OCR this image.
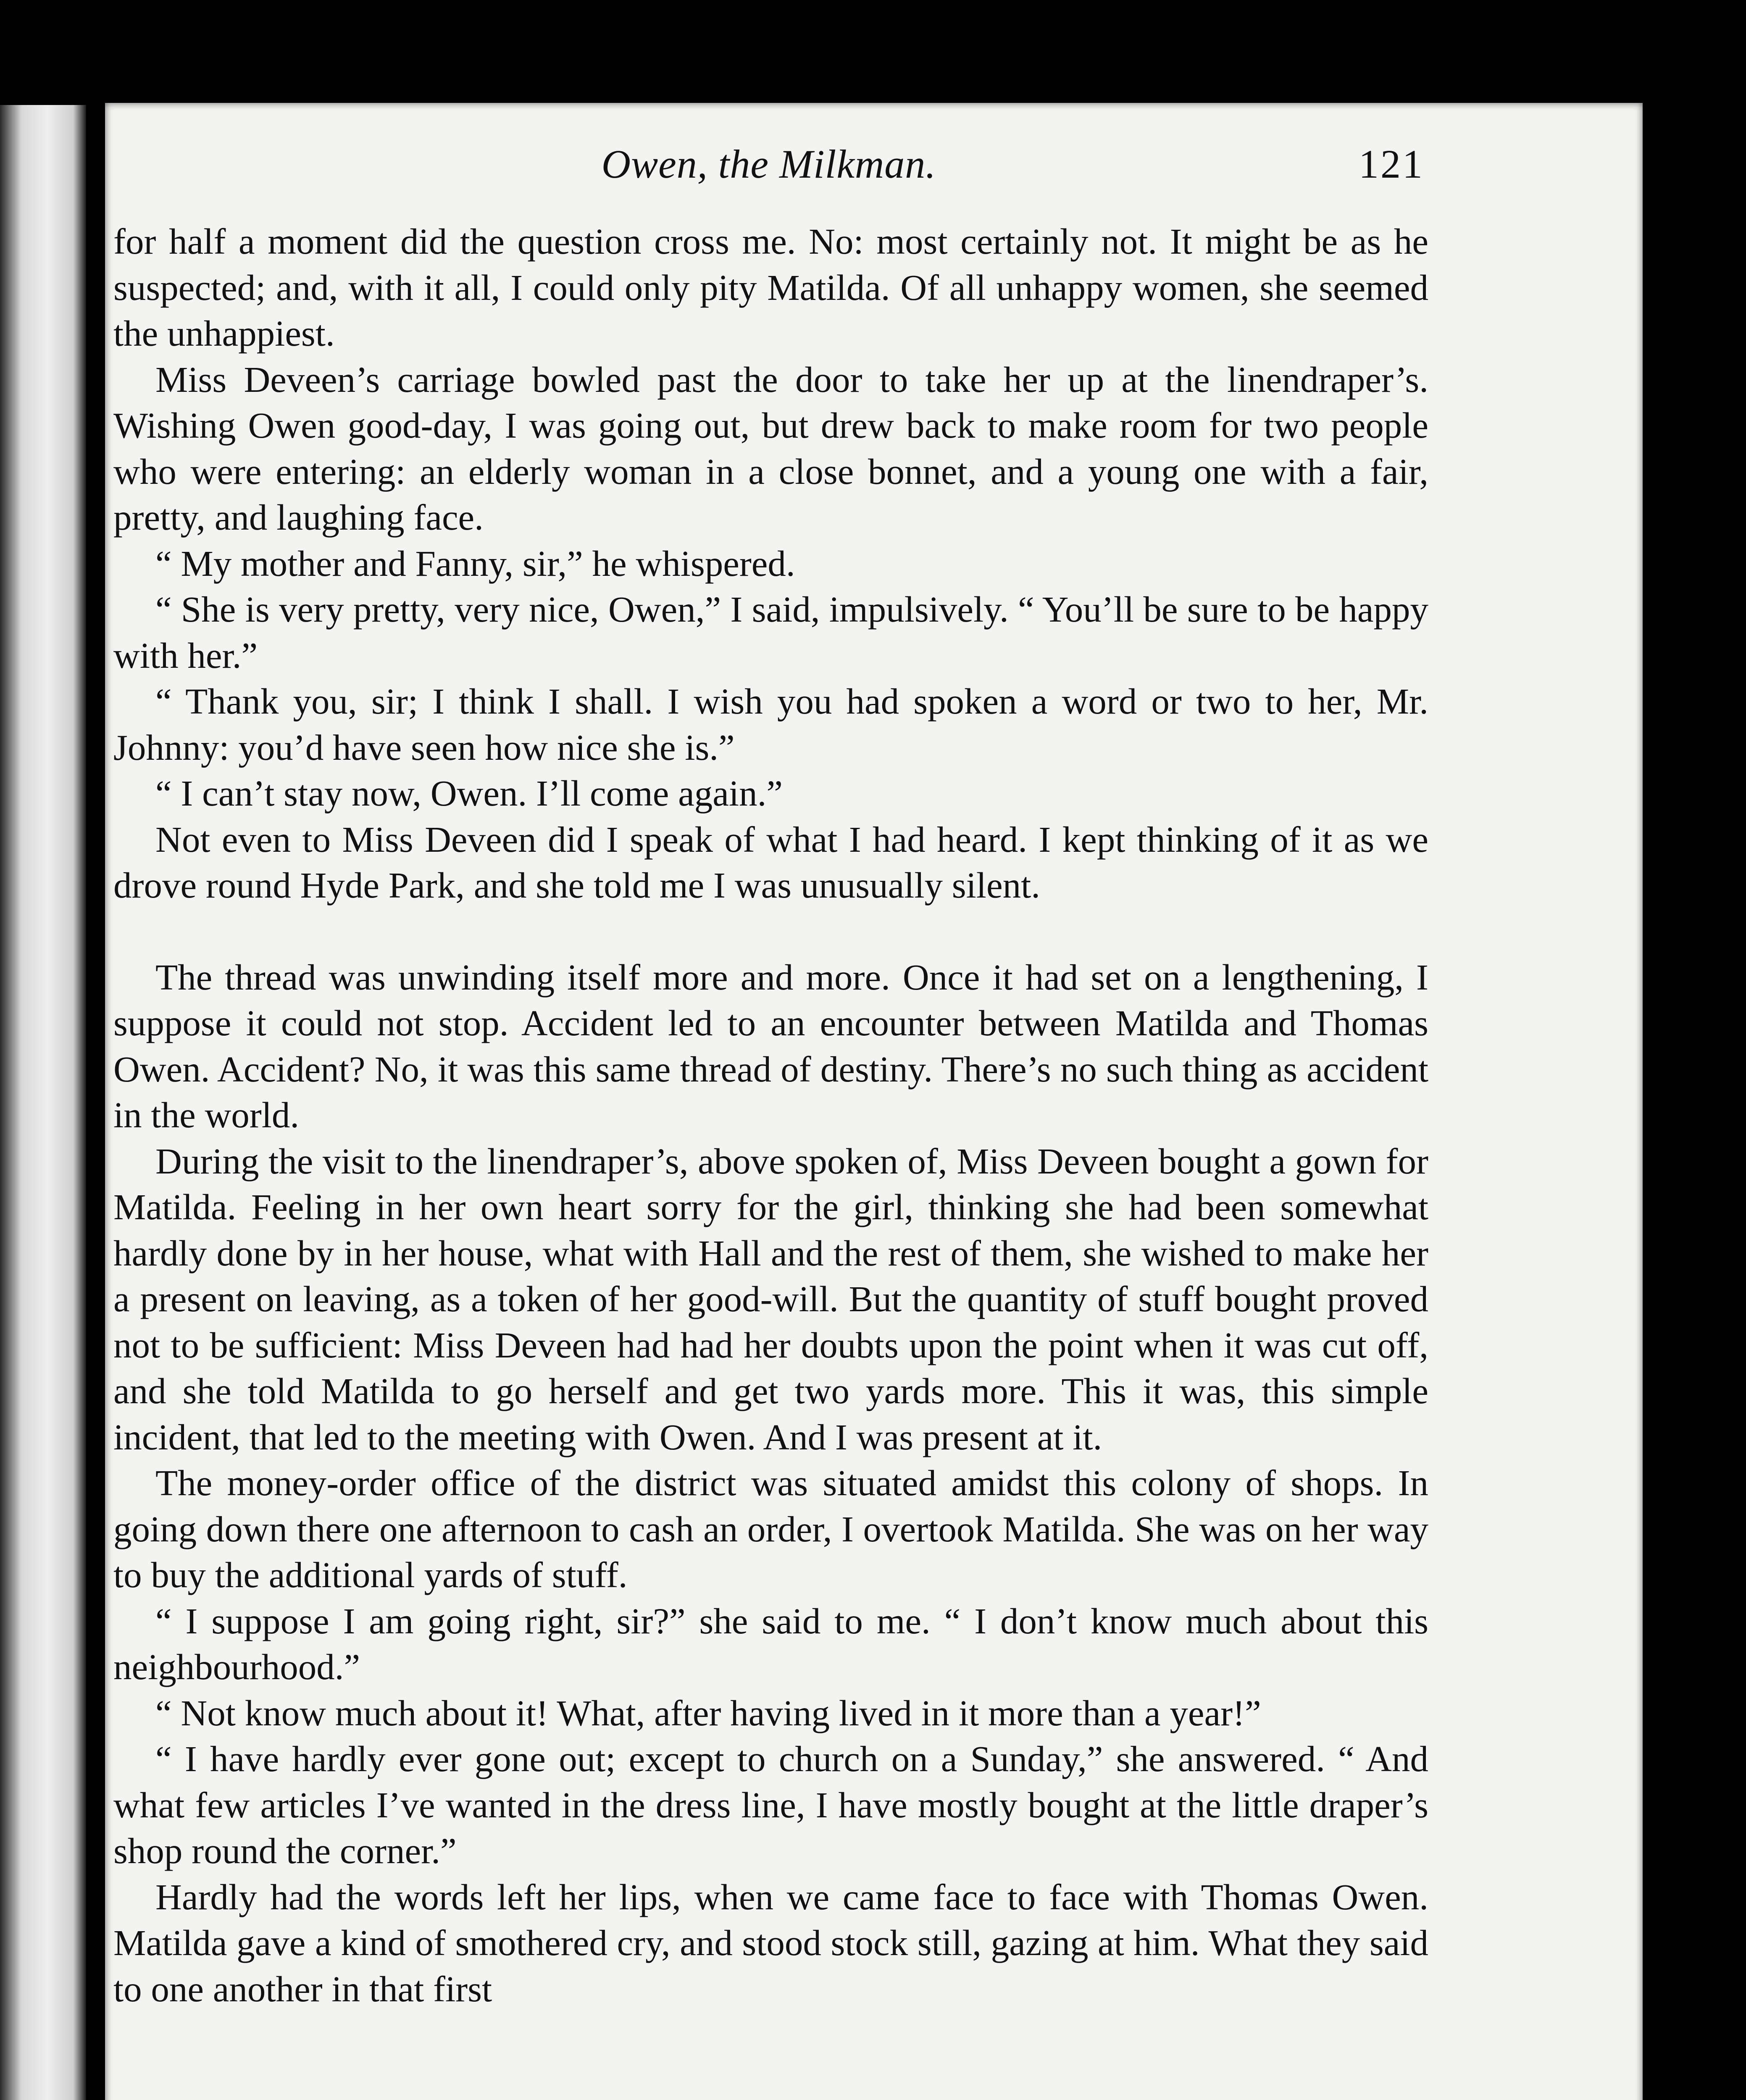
Owen, the Milkman.	121

for half a moment did the question cross me. No: most certainly not. It might be as he suspected; and, with it all, I could only pity Matilda. Of all unhappy women, she seemed the unhappiest.

Miss Deveen’s carriage bowled past the door to take her up at the linendraper’s. Wishing Owen good-day, I was going out, but drew back to make room for two people who were entering: an elderly woman in a close bonnet, and a young one with a fair, pretty, and laughing face.

“ My mother and Fanny, sir,” he whispered.

“ She is very pretty, very nice, Owen,” I said, impulsively. “ You’ll be sure to be happy with her.”

“ Thank you, sir; I think I shall. I wish you had spoken a word or two to her, Mr. Johnny: you’d have seen how nice she is.”

“ I can’t stay now, Owen. I’ll come again.”

Not even to Miss Deveen did I speak of what I had heard. I kept thinking of it as we drove round Hyde Park, and she told me I was unusually silent.

The thread was unwinding itself more and more. Once it had set on a lengthening, I suppose it could not stop. Accident led to an encounter between Matilda and Thomas Owen. Accident? No, it was this same thread of destiny. There’s no such thing as accident in the world.

During the visit to the linendraper’s, above spoken of, Miss Deveen bought a gown for Matilda. Feeling in her own heart sorry for the girl, thinking she had been somewhat hardly done by in her house, what with Hall and the rest of them, she wished to make her a present on leaving, as a token of her good-will. But the quantity of stuff bought proved not to be sufficient: Miss Deveen had had her doubts upon the point when it was cut off, and she told Matilda to go herself and get two yards more. This it was, this simple incident, that led to the meeting with Owen. And I was present at it.

The money-order office of the district was situated amidst this colony of shops. In going down there one afternoon to cash an order, I overtook Matilda. She was on her way to buy the additional yards of stuff.

“ I suppose I am going right, sir?” she said to me. “ I don’t know much about this neighbourhood.”

“ Not know much about it! What, after having lived in it more than a year!”

“ I have hardly ever gone out; except to church on a Sunday,” she answered. “ And what few articles I’ve wanted in the dress line, I have mostly bought at the little draper’s shop round the corner.”

Hardly had the words left her lips, when we came face to face with Thomas Owen. Matilda gave a kind of smothered cry, and stood stock still, gazing at him. What they said to one another in that first
